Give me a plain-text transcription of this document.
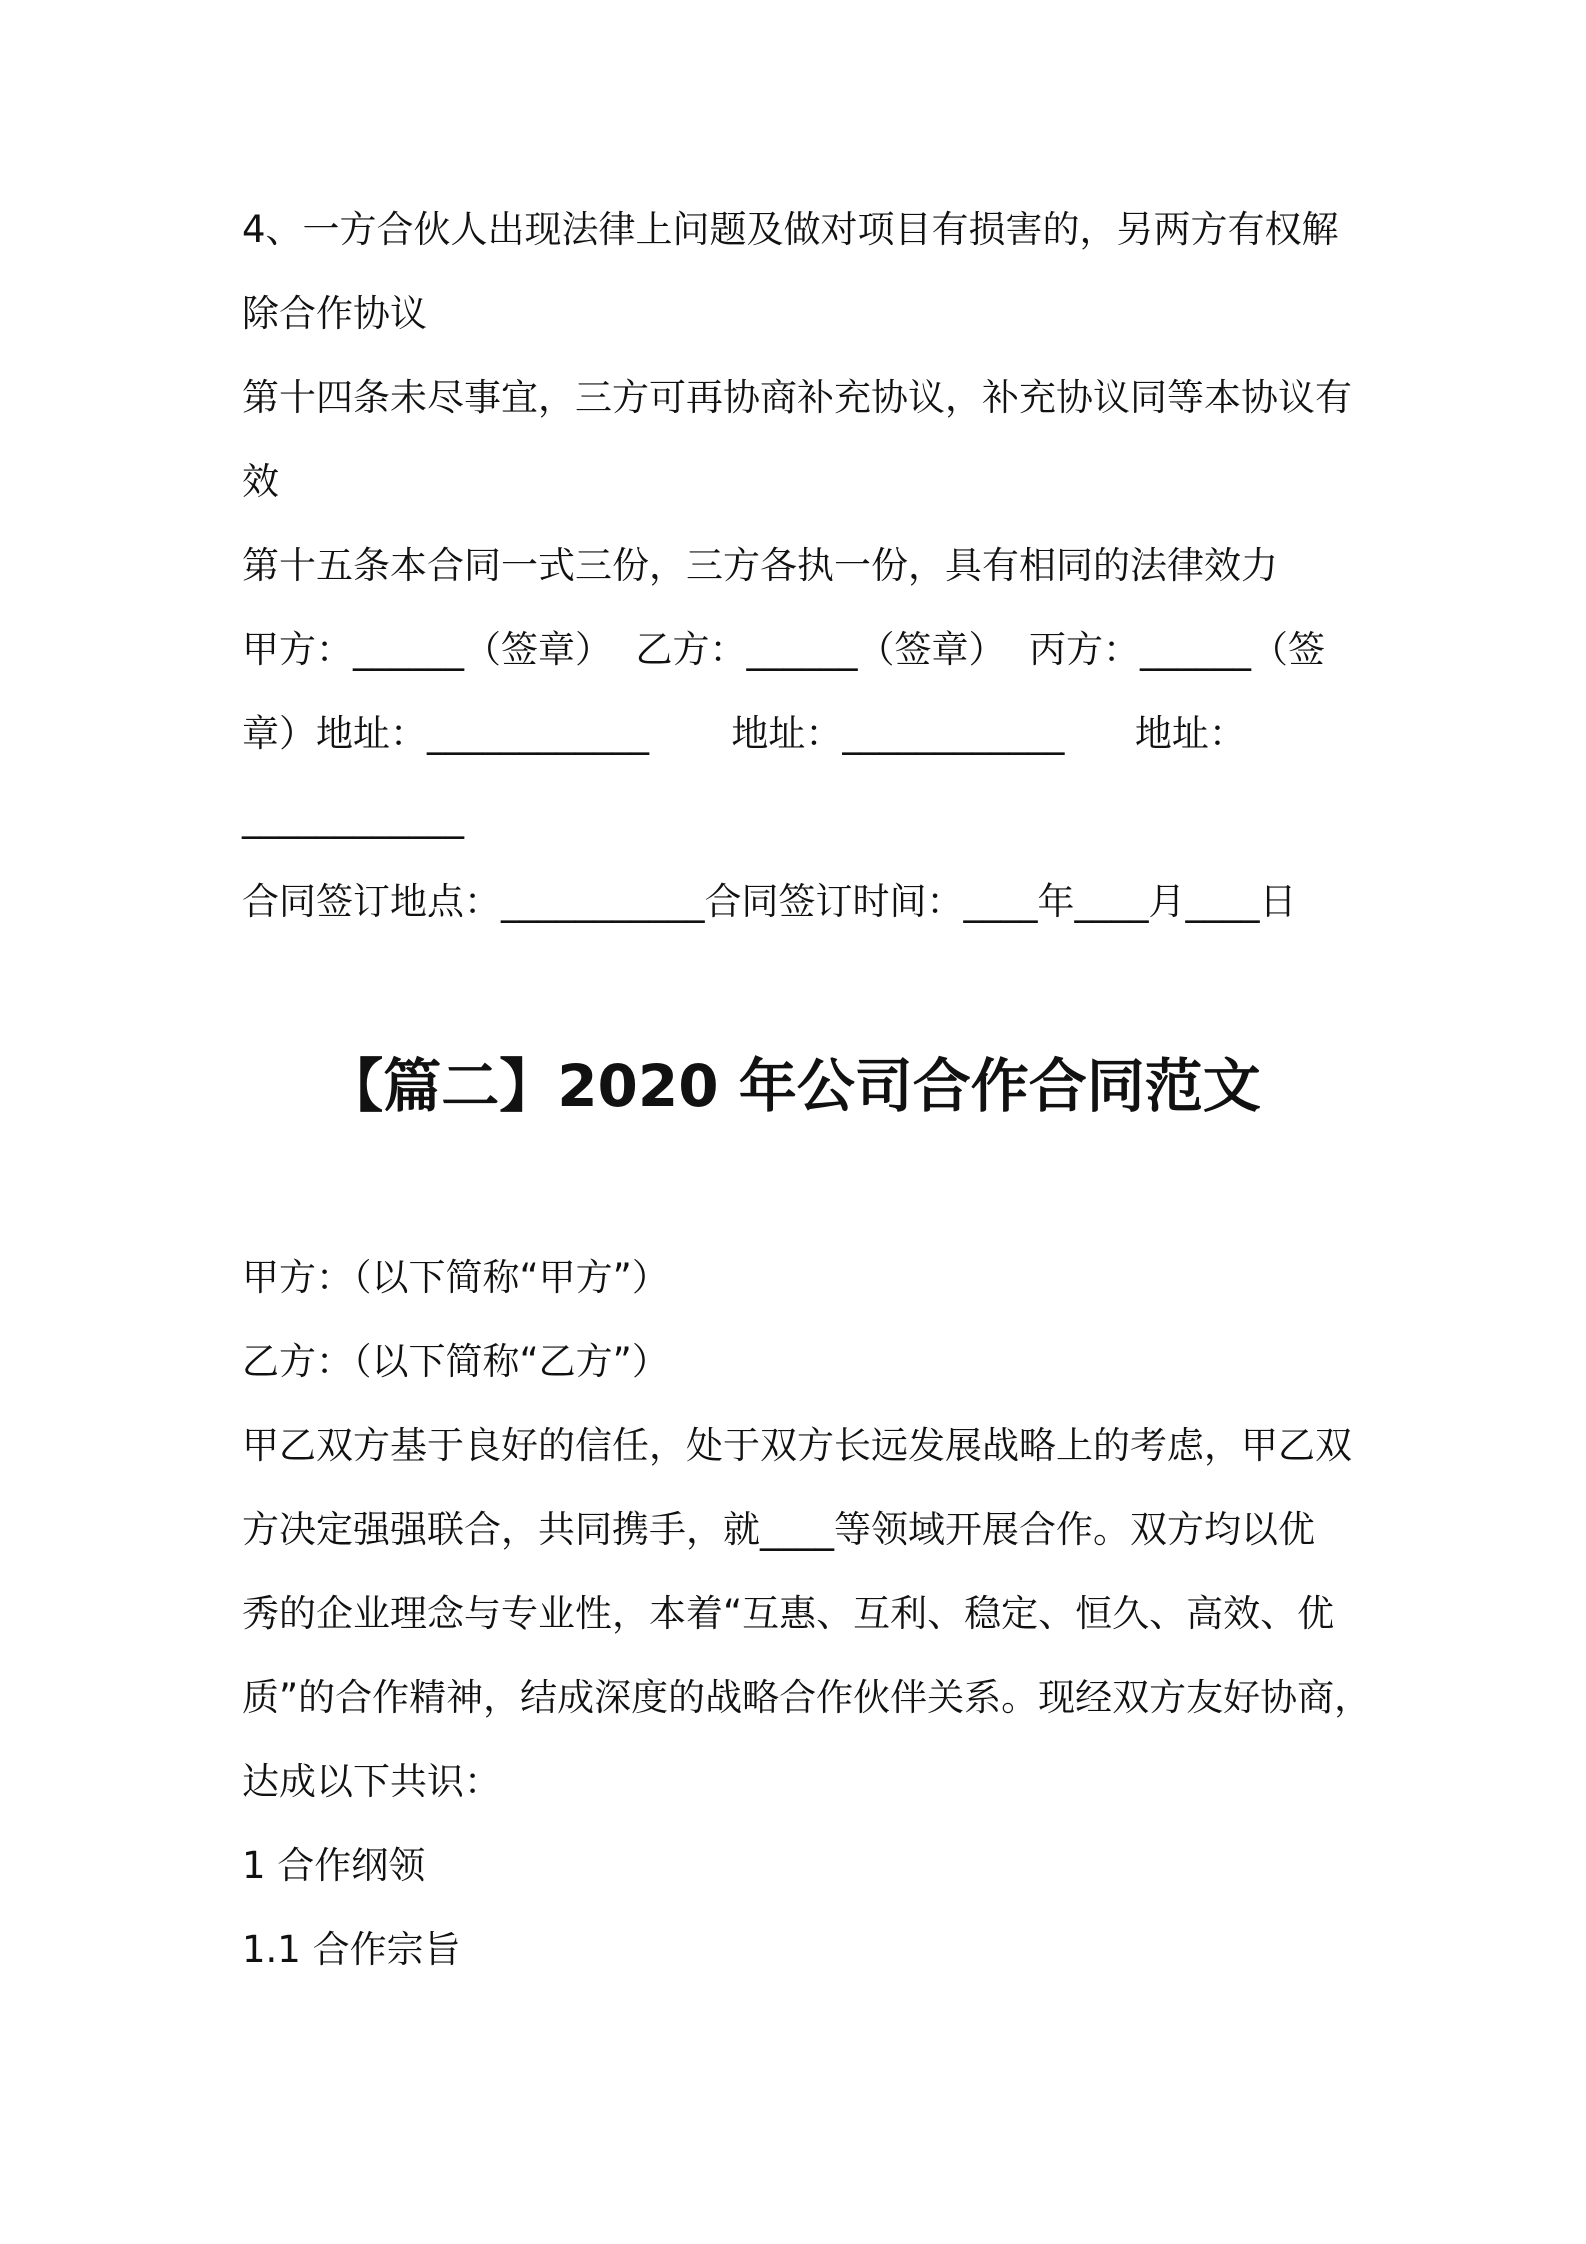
4、一方合伙人出现法律上问题及做对项目有损害的，另两方有权解
除合作协议
第十四条未尽事宜，三方可再协商补充协议，补充协议同等本协议有
效
第十五条本合同一式三份，三方各执一份，具有相同的法律效力
甲方：______（签章）  乙方：______（签章）  丙方：______（签
章）地址：____________       地址：____________      地址：
____________
合同签订地点：___________合同签订时间：____年____月____日
【篇二】2020 年公司合作合同范文
甲方：（以下简称“甲方”）
乙方：（以下简称“乙方”）
甲乙双方基于良好的信任，处于双方长远发展战略上的考虑，甲乙双
方决定强强联合，共同携手，就____等领域开展合作。双方均以优
秀的企业理念与专业性，本着“互惠、互利、稳定、恒久、高效、优
质”的合作精神，结成深度的战略合作伙伴关系。现经双方友好协商，
达成以下共识：
1 合作纲领
1.1 合作宗旨
